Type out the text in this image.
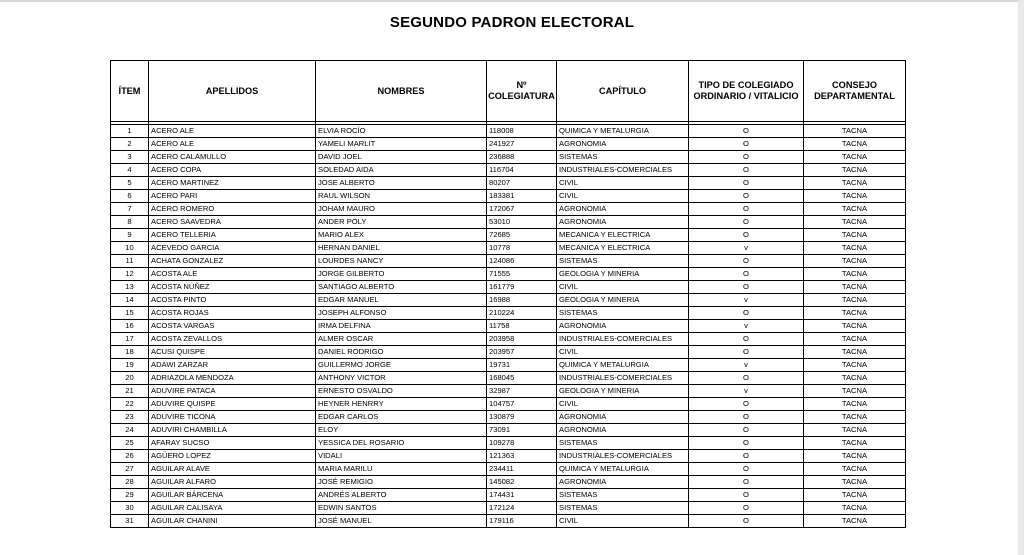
SEGUNDO PADRON ELECTORAL
ÍTEM	APELLIDOS	NOMBRES	Nº COLEGIATURA	CAPÍTULO	TIPO DE COLEGIADO ORDINARIO / VITALICIO	CONSEJO DEPARTAMENTAL

1	ACERO ALE	ELVIA ROCÍO	118008	QUIMICA Y METALURGIA	O	TACNA
2	ACERO ALE	YAMELI MARLIT	241927	AGRONOMIA	O	TACNA
3	ACERO CALAMULLO	DAVID JOEL	236888	SISTEMAS	O	TACNA
4	ACERO COPA	SOLEDAD AIDA	116704	INDUSTRIALES-COMERCIALES	O	TACNA
5	ACERO MARTINEZ	JOSE ALBERTO	80207	CIVIL	O	TACNA
6	ACERO PARI	RAUL WILSON	183381	CIVIL	O	TACNA
7	ACERO ROMERO	JOHAM MAURO	172067	AGRONOMIA	O	TACNA
8	ACERO SAAVEDRA	ANDER POLY	53010	AGRONOMIA	O	TACNA
9	ACERO TELLERIA	MARIO ALEX	72685	MECANICA Y ELECTRICA	O	TACNA
10	ACEVEDO GARCIA	HERNAN DANIEL	10778	MECANICA Y ELECTRICA	v	TACNA
11	ACHATA GONZALEZ	LOURDES NANCY	124086	SISTEMAS	O	TACNA
12	ACOSTA ALE	JORGE GILBERTO	71555	GEOLOGIA Y MINERIA	O	TACNA
13	ACOSTA NÚÑEZ	SANTIAGO ALBERTO	161779	CIVIL	O	TACNA
14	ACOSTA PINTO	EDGAR MANUEL	16988	GEOLOGIA Y MINERIA	v	TACNA
15	ACOSTA ROJAS	JOSEPH ALFONSO	210224	SISTEMAS	O	TACNA
16	ACOSTA VARGAS	IRMA DELFINA	11758	AGRONOMIA	v	TACNA
17	ACOSTA ZEVALLOS	ALMER OSCAR	203958	INDUSTRIALES-COMERCIALES	O	TACNA
18	ACUSI QUISPE	DANIEL RODRIGO	203957	CIVIL	O	TACNA
19	ADAWI ZARZAR	GUILLERMO JORGE	19731	QUIMICA Y METALURGIA	v	TACNA
20	ADRIAZOLA MENDOZA	ANTHONY VICTOR	168045	INDUSTRIALES-COMERCIALES	O	TACNA
21	ADUVIRE PATACA	ERNESTO OSVALDO	32987	GEOLOGIA Y MINERIA	v	TACNA
22	ADUVIRE QUISPE	HEYNER HENRRY	104757	CIVIL	O	TACNA
23	ADUVIRE TICONA	EDGAR CARLOS	130879	AGRONOMIA	O	TACNA
24	ADUVIRI CHAMBILLA	ELOY	73091	AGRONOMIA	O	TACNA
25	AFARAY SUCSO	YESSICA DEL ROSARIO	109278	SISTEMAS	O	TACNA
26	AGÜERO LOPEZ	VIDALI	121363	INDUSTRIALES-COMERCIALES	O	TACNA
27	AGUILAR ALAVE	MARIA MARILU	234411	QUIMICA Y METALURGIA	O	TACNA
28	AGUILAR ALFARO	JOSÉ REMIGIO	145082	AGRONOMIA	O	TACNA
29	AGUILAR BÁRCENA	ANDRÉS ALBERTO	174431	SISTEMAS	O	TACNA
30	AGUILAR CALISAYA	EDWIN SANTOS	172124	SISTEMAS	O	TACNA
31	AGUILAR CHANINI	JOSÉ MANUEL	179116	CIVIL	O	TACNA
